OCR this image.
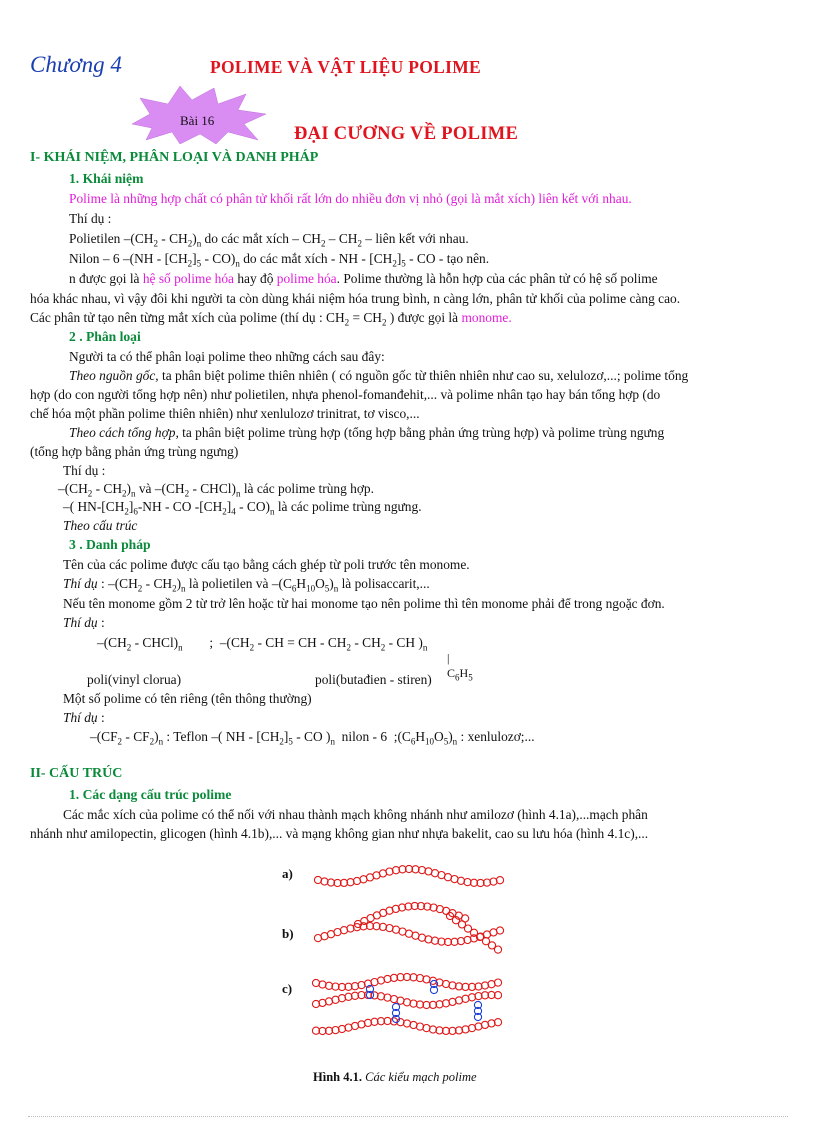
Chương 4	POLIME VÀ VẬT LIỆU POLIME
Bài 16
ĐẠI CƯƠNG VỀ POLIME
I- KHÁI NIỆM, PHÂN LOẠI VÀ DANH PHÁP
1. Khái niệm
Polime là những hợp chất có phân tử khối rất lớn do nhiều đơn vị nhỏ (gọi là mắt xích) liên kết với nhau.
Thí dụ :
Polietilen $‒(CH_2 - CH_2)_n$ do các mắt xích – $CH_2 - CH_2$ – liên kết với nhau.
Nilon – 6 ‒(NH - $[CH_2]_5 - CO)_n$ do các mắt xích - NH - $[CH_2]_5$ - CO - tạo nên.
n được gọi là hệ số polime hóa hay độ polime hóa. Polime thường là hỗn hợp của các phân tử có hệ số polime
hóa khác nhau, vì vậy đôi khi người ta còn dùng khái niệm hóa trung bình, n càng lớn, phân tử khối của polime càng cao.
Các phân tử tạo nên từng mắt xích của polime (thí dụ : $CH_2 = CH_2$ ) được gọi là monome.
2 . Phân loại
Người ta có thể phân loại polime theo những cách sau đây:
Theo nguồn gốc, ta phân biệt polime thiên nhiên ( có nguồn gốc từ thiên nhiên như cao su, xelulozơ,...; polime tổng
hợp (do con người tổng hợp nên) như polietilen, nhựa phenol-fomanđehit,... và polime nhân tạo hay bán tổng hợp (do
chế hóa một phần polime thiên nhiên) như xenlulozơ trinitrat, tơ visco,...
Theo cách tổng hợp, ta phân biệt polime trùng hợp (tổng hợp bằng phản ứng trùng hợp) và polime trùng ngưng
(tổng hợp bằng phản ứng trùng ngưng)
Thí dụ :
$‒(CH_2 - CH_2)_n$ và $‒(CH_2$ - $CHCl)_n$ là các polime trùng hợp.
‒( $HN-[CH_2]_6-NH$ - CO $-[CH_2]_4 - CO)_n$ là các polime trùng ngưng.
Theo cấu trúc
3 . Danh pháp
Tên của các polime được cấu tạo bằng cách ghép từ poli trước tên monome.
Thí dụ : $‒(CH_2 - CH_2)_n$ là polietilen và $‒(C_6H_{10}O_5)_n$ là polisaccarit,...
Nếu tên monome gồm 2 từ trở lên hoặc từ hai monome tạo nên polime thì tên monome phải để trong ngoặc đơn.
Thí dụ :
$‒(CH_2$ - $CHCl)_n$        ;  $‒(CH_2$ - CH = CH - $CH_2 - CH_2$ - CH )$_n$
|
$C_6H_5$
poli(vinyl clorua)	poli(butađien - stiren)
Một số polime có tên riêng (tên thông thường)
Thí dụ :
$‒(CF_2 - CF_2)_n$ : Teflon ‒( NH - $[CH_2]_5$ - CO )$_n$ nilon - 6  $;(C_6H_{10}O_5)_n$ : xenlulozơ;...
II- CẤU TRÚC
1. Các dạng cấu trúc polime
Các mắc xích của polime có thể nối với nhau thành mạch không nhánh như amilozơ (hình 4.1a),...mạch phân
nhánh như amilopectin, glicogen (hình 4.1b),... và mạng không gian như nhựa bakelit, cao su lưu hóa (hình 4.1c),...
a)
b)
c)
Hình 4.1. Các kiểu mạch polime
